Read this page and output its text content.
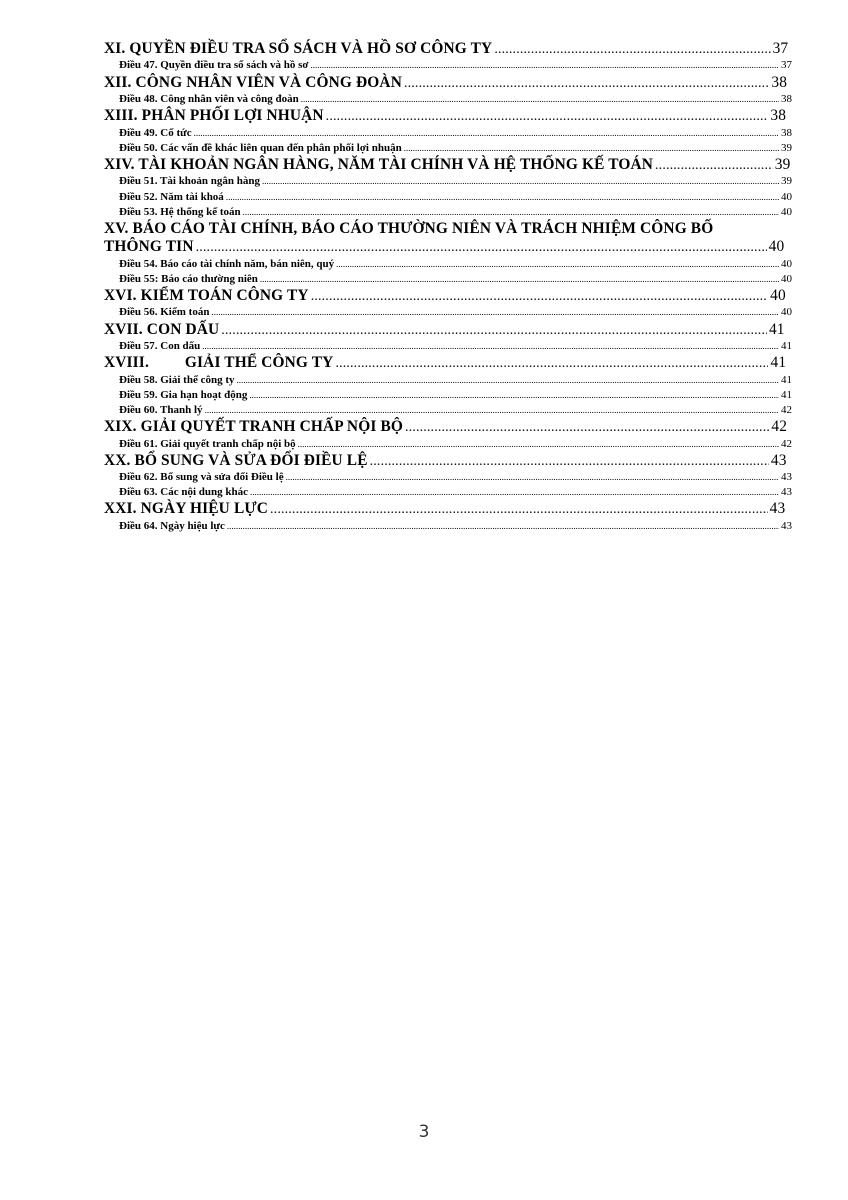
XI. QUYỀN ĐIỀU TRA SỔ SÁCH VÀ HỒ SƠ CÔNG TY .....	37
Điều 47. Quyền điều tra sổ sách và hồ sơ .....	37
XII. CÔNG NHÂN VIÊN VÀ CÔNG ĐOÀN .....	38
Điều 48. Công nhân viên và công đoàn .....	38
XIII. PHÂN PHỐI LỢI NHUẬN .....	38
Điều 49. Cổ tức .....	38
Điều 50. Các vấn đề khác liên quan đến phân phối lợi nhuận .....	39
XIV. TÀI KHOẢN NGÂN HÀNG, NĂM TÀI CHÍNH VÀ HỆ THỐNG KẾ TOÁN .....	39
Điều 51. Tài khoản ngân hàng .....	39
Điều 52. Năm tài khoá .....	40
Điều 53. Hệ thống kế toán .....	40
XV. BÁO CÁO TÀI CHÍNH, BÁO CÁO THƯỜNG NIÊN VÀ TRÁCH NHIỆM CÔNG BỐ
THÔNG TIN .....	40
Điều 54. Báo cáo tài chính năm, bán niên, quý .....	40
Điều 55: Báo cáo thường niên .....	40
XVI. KIỂM TOÁN CÔNG TY .....	40
Điều 56. Kiểm toán .....	40
XVII. CON DẤU .....	41
Điều 57. Con dấu .....	41
XVIII.         GIẢI THỂ CÔNG TY .....	41
Điều 58. Giải thể công ty .....	41
Điều 59. Gia hạn hoạt động .....	41
Điều 60. Thanh lý .....	42
XIX. GIẢI QUYẾT TRANH CHẤP NỘI BỘ .....	42
Điều 61. Giải quyết tranh chấp nội bộ .....	42
XX. BỔ SUNG VÀ SỬA ĐỔI ĐIỀU LỆ .....	43
Điều 62. Bổ sung và sửa đổi Điều lệ .....	43
Điều 63. Các nội dung khác .....	43
XXI. NGÀY HIỆU LỰC .....	43
Điều 64. Ngày hiệu lực .....	43
3
